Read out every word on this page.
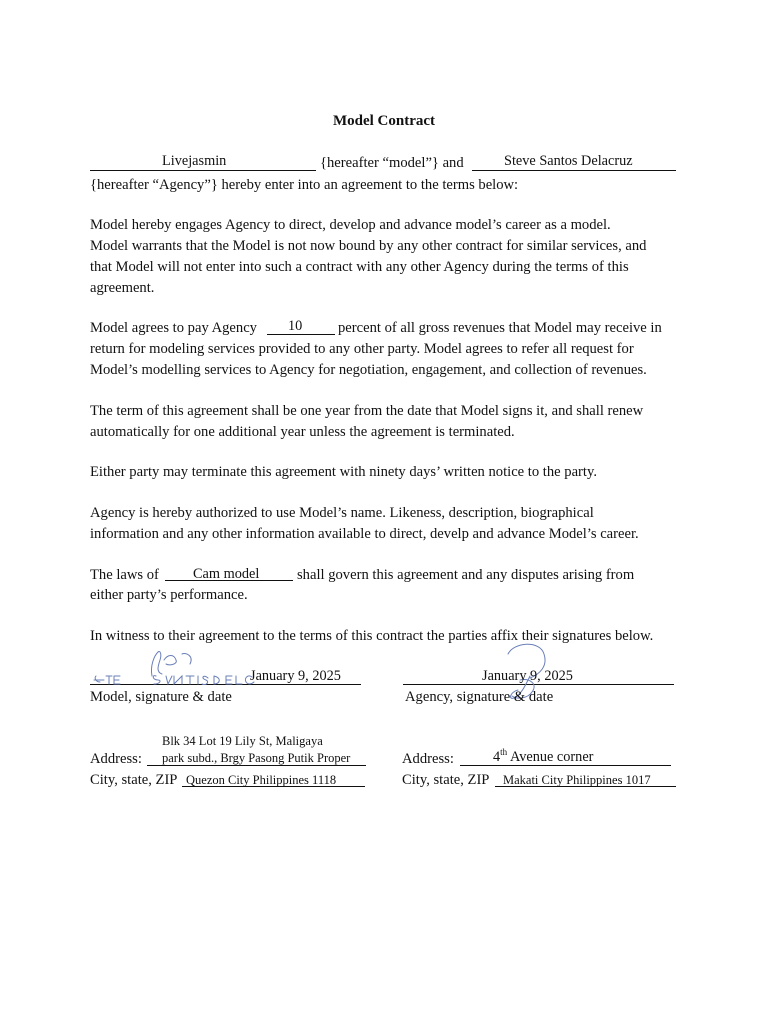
Model Contract
Livejasmin	{hereafter “model”} and	Steve Santos Delacruz
{hereafter “Agency”} hereby enter into an agreement to the terms below:
Model hereby engages Agency to direct, develop and advance model’s career as a model.
Model warrants that the Model is not now bound by any other contract for similar services, and
that Model will not enter into such a contract with any other Agency during the terms of this
agreement.
Model agrees to pay Agency 10 percent of all gross revenues that Model may receive in
return for modeling services provided to any other party. Model agrees to refer all request for
Model’s modelling services to Agency for negotiation, engagement, and collection of revenues.
The term of this agreement shall be one year from the date that Model signs it, and shall renew
automatically for one additional year unless the agreement is terminated.
Either party may terminate this agreement with ninety days’ written notice to the party.
Agency is hereby authorized to use Model’s name. Likeness, description, biographical
information and any other information available to direct, develp and advance Model’s career.
The laws of Cam model	shall govern this agreement and any disputes arising from
either party’s performance.
In witness to their agreement to the terms of this contract the parties affix their signatures below.
January 9, 2025
Model, signature & date
January 9, 2025
Agency, signature & date
Blk 34 Lot 19 Lily St, Maligaya
Address: park subd., Brgy Pasong Putik Proper
City, state, ZIP Quezon City Philippines 1118
Address:	4th Avenue corner
City, state, ZIP Makati City Philippines 1017
